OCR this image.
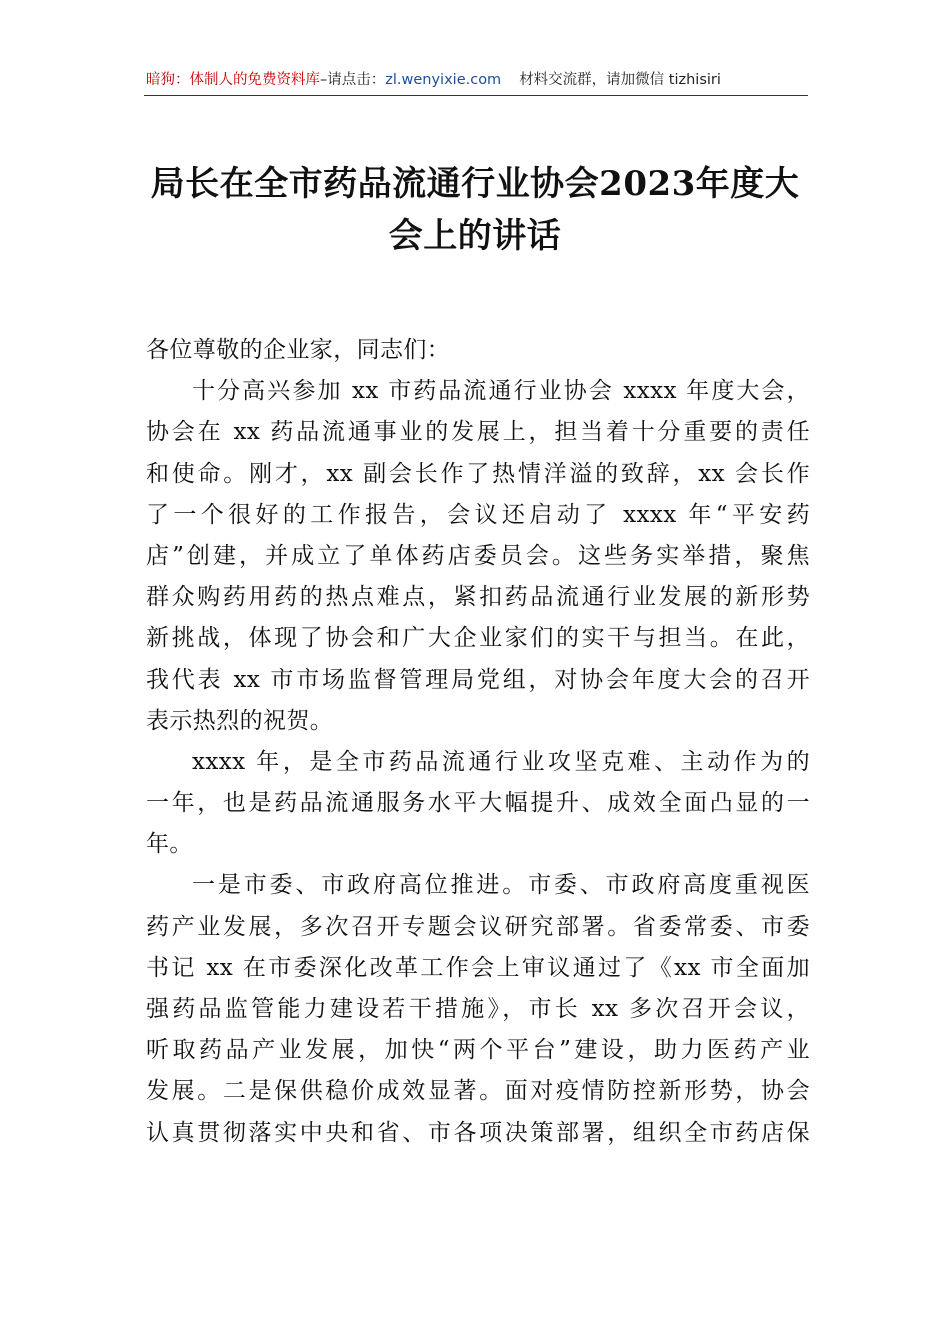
暗狗：体制人的免费资料库–请点击：zl.wenyixie.com 材料交流群，请加微信 tizhisiri
局长在全市药品流通行业协会2023年度大
会上的讲话
各位尊敬的企业家，同志们：
十分高兴参加 xx 市药品流通行业协会 xxxx 年度大会，
协会在 xx 药品流通事业的发展上，担当着十分重要的责任
和使命。刚才，xx 副会长作了热情洋溢的致辞，xx 会长作
了一个很好的工作报告，会议还启动了 xxxx 年“平安药
店”创建，并成立了单体药店委员会。这些务实举措，聚焦
群众购药用药的热点难点，紧扣药品流通行业发展的新形势
新挑战，体现了协会和广大企业家们的实干与担当。在此，
我代表 xx 市市场监督管理局党组，对协会年度大会的召开
表示热烈的祝贺。
xxxx 年，是全市药品流通行业攻坚克难、主动作为的
一年，也是药品流通服务水平大幅提升、成效全面凸显的一
年。
一是市委、市政府高位推进。市委、市政府高度重视医
药产业发展，多次召开专题会议研究部署。省委常委、市委
书记 xx 在市委深化改革工作会上审议通过了《xx 市全面加
强药品监管能力建设若干措施》，市长 xx 多次召开会议，
听取药品产业发展，加快“两个平台”建设，助力医药产业
发展。二是保供稳价成效显著。面对疫情防控新形势，协会
认真贯彻落实中央和省、市各项决策部署，组织全市药店保
